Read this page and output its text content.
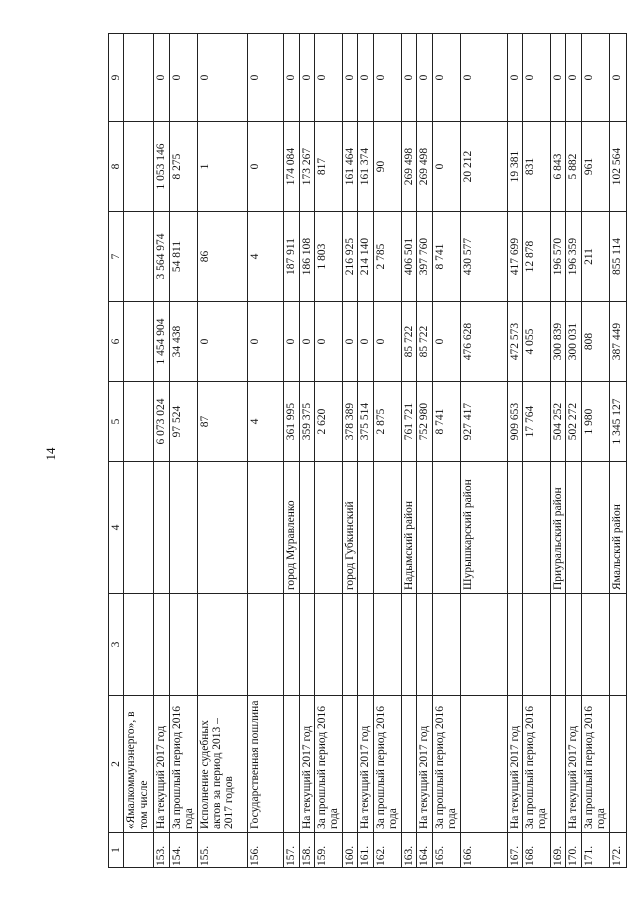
14
1	2	3	4	5	6	7	8	9
	«Ямалкоммунэнерго», в том числе							
153.	На текущий 2017 год			6 073 024	1 454 904	3 564 974	1 053 146	0
154.	За прошлый период 2016 года			97 524	34 438	54 811	8 275	0
155.	Исполнение судебных актов за период 2013 – 2017 годов			87	0	86	1	0
156.	Государственная пошлина			4	0	4	0	0
157.			город Муравленко	361 995	0	187 911	174 084	0
158.	На текущий 2017 год			359 375	0	186 108	173 267	0
159.	За прошлый период 2016 года			2 620	0	1 803	817	0
160.			город Губкинский	378 389	0	216 925	161 464	0
161.	На текущий 2017 год			375 514	0	214 140	161 374	0
162.	За прошлый период 2016 года			2 875	0	2 785	90	0
163.			Надымский район	761 721	85 722	406 501	269 498	0
164.	На текущий 2017 год			752 980	85 722	397 760	269 498	0
165.	За прошлый период 2016 года			8 741	0	8 741	0	0
166.			Шурышкарский район	927 417	476 628	430 577	20 212	0
167.	На текущий 2017 год			909 653	472 573	417 699	19 381	0
168.	За прошлый период 2016 года			17 764	4 055	12 878	831	0
169.			Приуральский район	504 252	300 839	196 570	6 843	0
170.	На текущий 2017 год			502 272	300 031	196 359	5 882	0
171.	За прошлый период 2016 года			1 980	808	211	961	0
172.			Ямальский район	1 345 127	387 449	855 114	102 564	0
